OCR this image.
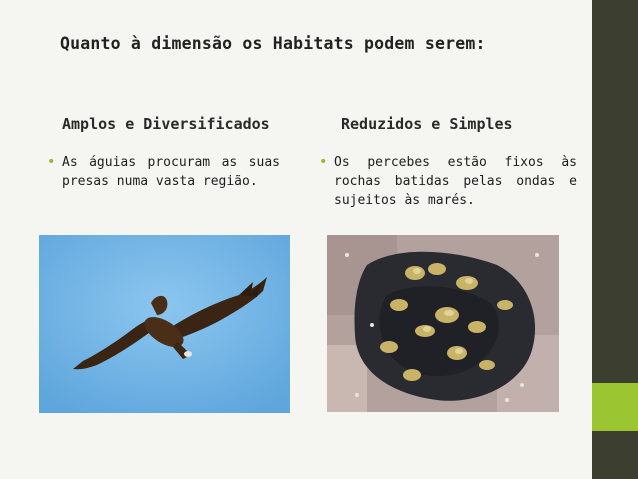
Quanto à dimensão os Habitats podem serem:
Amplos e Diversificados	Reduzidos e Simples
• As águias procuram as suas presas numa vasta região.
• Os percebes estão fixos às rochas batidas pelas ondas e sujeitos às marés.
